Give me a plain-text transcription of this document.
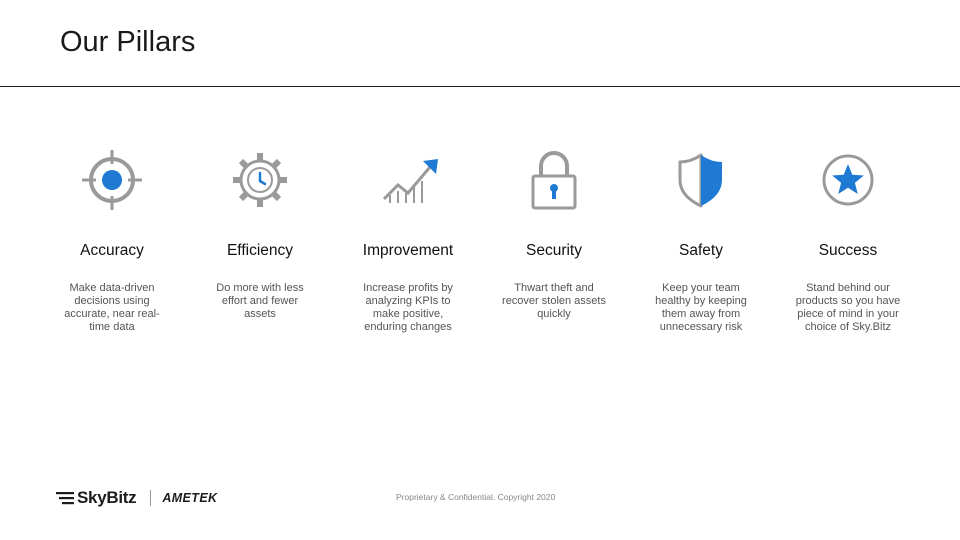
Our Pillars
Accuracy
Make data-driven decisions using accurate, near real-time data
Efficiency
Do more with less effort and fewer assets
Improvement
Increase profits by analyzing KPIs to make positive, enduring changes
Security
Thwart theft and recover stolen assets quickly
Safety
Keep your team healthy by keeping them away from unnecessary risk
Success
Stand behind our products so you have piece of mind in your choice of Sky.Bitz
SkyBitz AMETEK	Proprietary & Confidential. Copyright 2020
